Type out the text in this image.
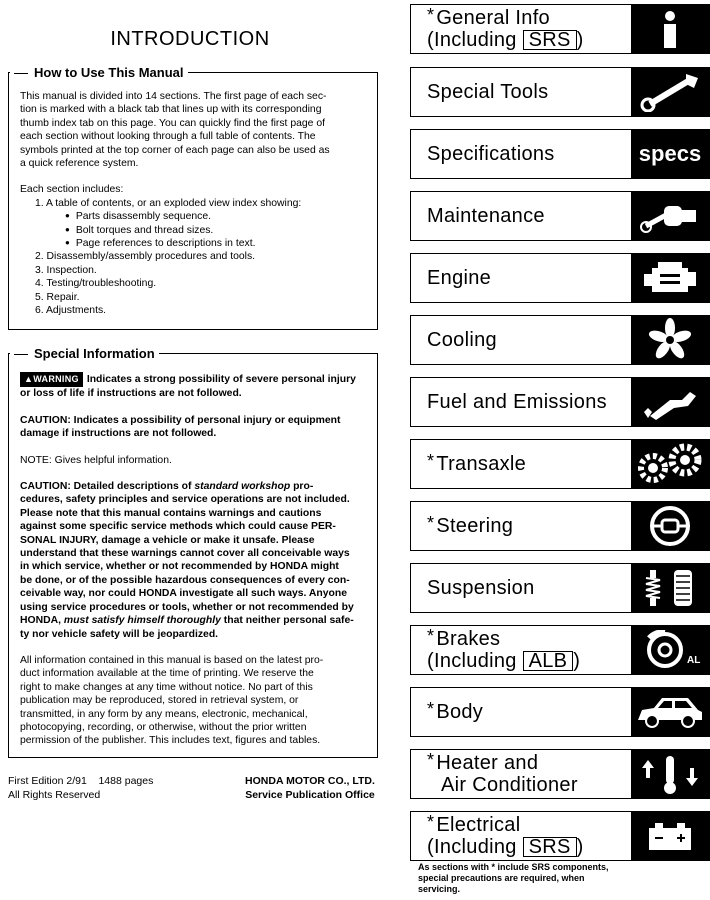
INTRODUCTION
How to Use This Manual
This manual is divided into 14 sections. The first page of each sec-
tion is marked with a black tab that lines up with its corresponding
thumb index tab on this page. You can quickly find the first page of
each section without looking through a full table of contents. The
symbols printed at the top corner of each page can also be used as
a quick reference system.
Each section includes:
1. A table of contents, or an exploded view index showing:
● Parts disassembly sequence.
● Bolt torques and thread sizes.
● Page references to descriptions in text.
2. Disassembly/assembly procedures and tools.
3. Inspection.
4. Testing/troubleshooting.
5. Repair.
6. Adjustments.
Special Information
▲WARNING Indicates a strong possibility of severe personal injury
or loss of life if instructions are not followed.
CAUTION: Indicates a possibility of personal injury or equipment
damage if instructions are not followed.
NOTE: Gives helpful information.
CAUTION: Detailed descriptions of standard workshop pro-
cedures, safety principles and service operations are not included.
Please note that this manual contains warnings and cautions
against some specific service methods which could cause PER-
SONAL INJURY, damage a vehicle or make it unsafe. Please
understand that these warnings cannot cover all conceivable ways
in which service, whether or not recommended by HONDA might
be done, or of the possible hazardous consequences of every con-
ceivable way, nor could HONDA investigate all such ways. Anyone
using service procedures or tools, whether or not recommended by
HONDA, must satisfy himself thoroughly that neither personal safe-
ty nor vehicle safety will be jeopardized.
All information contained in this manual is based on the latest pro-
duct information available at the time of printing. We reserve the
right to make changes at any time without notice. No part of this
publication may be reproduced, stored in retrieval system, or
transmitted, in any form by any means, electronic, mechanical,
photocopying, recording, or otherwise, without the prior written
permission of the publisher. This includes text, figures and tables.
First Edition 2/91 1488 pages
All Rights Reserved
HONDA MOTOR CO., LTD.
Service Publication Office
* General Info
(Including SRS )
Special Tools
Specifications	specs
Maintenance
Engine
Cooling
Fuel and Emissions
* Transaxle
* Steering
Suspension
* Brakes
(Including ALB )	AL
* Body
* Heater and
Air Conditioner
* Electrical
(Including SRS )
As sections with * include SRS components,
special precautions are required, when
servicing.
